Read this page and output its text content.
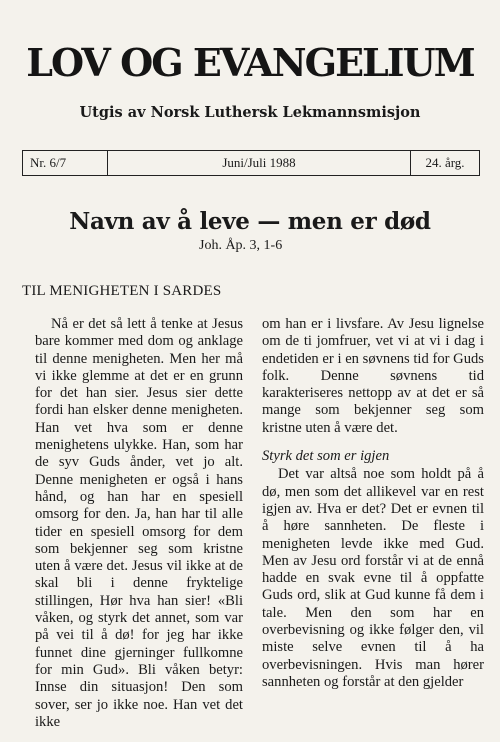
LOV OG EVANGELIUM
Utgis av Norsk Luthersk Lekmannsmisjon
Nr. 6/7	Juni/Juli 1988	24. årg.
Navn av å leve — men er død
Joh. Åp. 3, 1-6
TIL MENIGHETEN I SARDES

Nå er det så lett å tenke at Jesus bare kommer med dom og anklage til denne menigheten. Men her må vi ikke glemme at det er en grunn for det han sier. Jesus sier dette fordi han elsker denne menigheten. Han vet hva som er denne menighetens ulykke. Han, som har de syv Guds ånder, vet jo alt. Denne menigheten er også i hans hånd, og han har en spesiell omsorg for den. Ja, han har til alle tider en spesiell omsorg for dem som bekjenner seg som kristne uten å være det. Jesus vil ikke at de skal bli i denne fryktelige stillingen, Hør hva han sier! «Bli våken, og styrk det annet, som var på vei til å dø! for jeg har ikke funnet dine gjerninger fullkomne for min Gud». Bli våken betyr: Innse din situasjon! Den som sover, ser jo ikke noe. Han vet det ikke

om han er i livsfare. Av Jesu lignelse om de ti jomfruer, vet vi at vi i dag i endetiden er i en søvnens tid for Guds folk. Denne søvnens tid karakteriseres nettopp av at det er så mange som bekjenner seg som kristne uten å være det.

Styrk det som er igjen

Det var altså noe som holdt på å dø, men som det allikevel var en rest igjen av. Hva er det? Det er evnen til å høre sannheten. De fleste i menigheten levde ikke med Gud. Men av Jesu ord forstår vi at de ennå hadde en svak evne til å oppfatte Guds ord, slik at Gud kunne få dem i tale. Men den som har en overbevisning og ikke følger den, vil miste selve evnen til å ha overbevisningen. Hvis man hører sannheten og forstår at den gjelder
